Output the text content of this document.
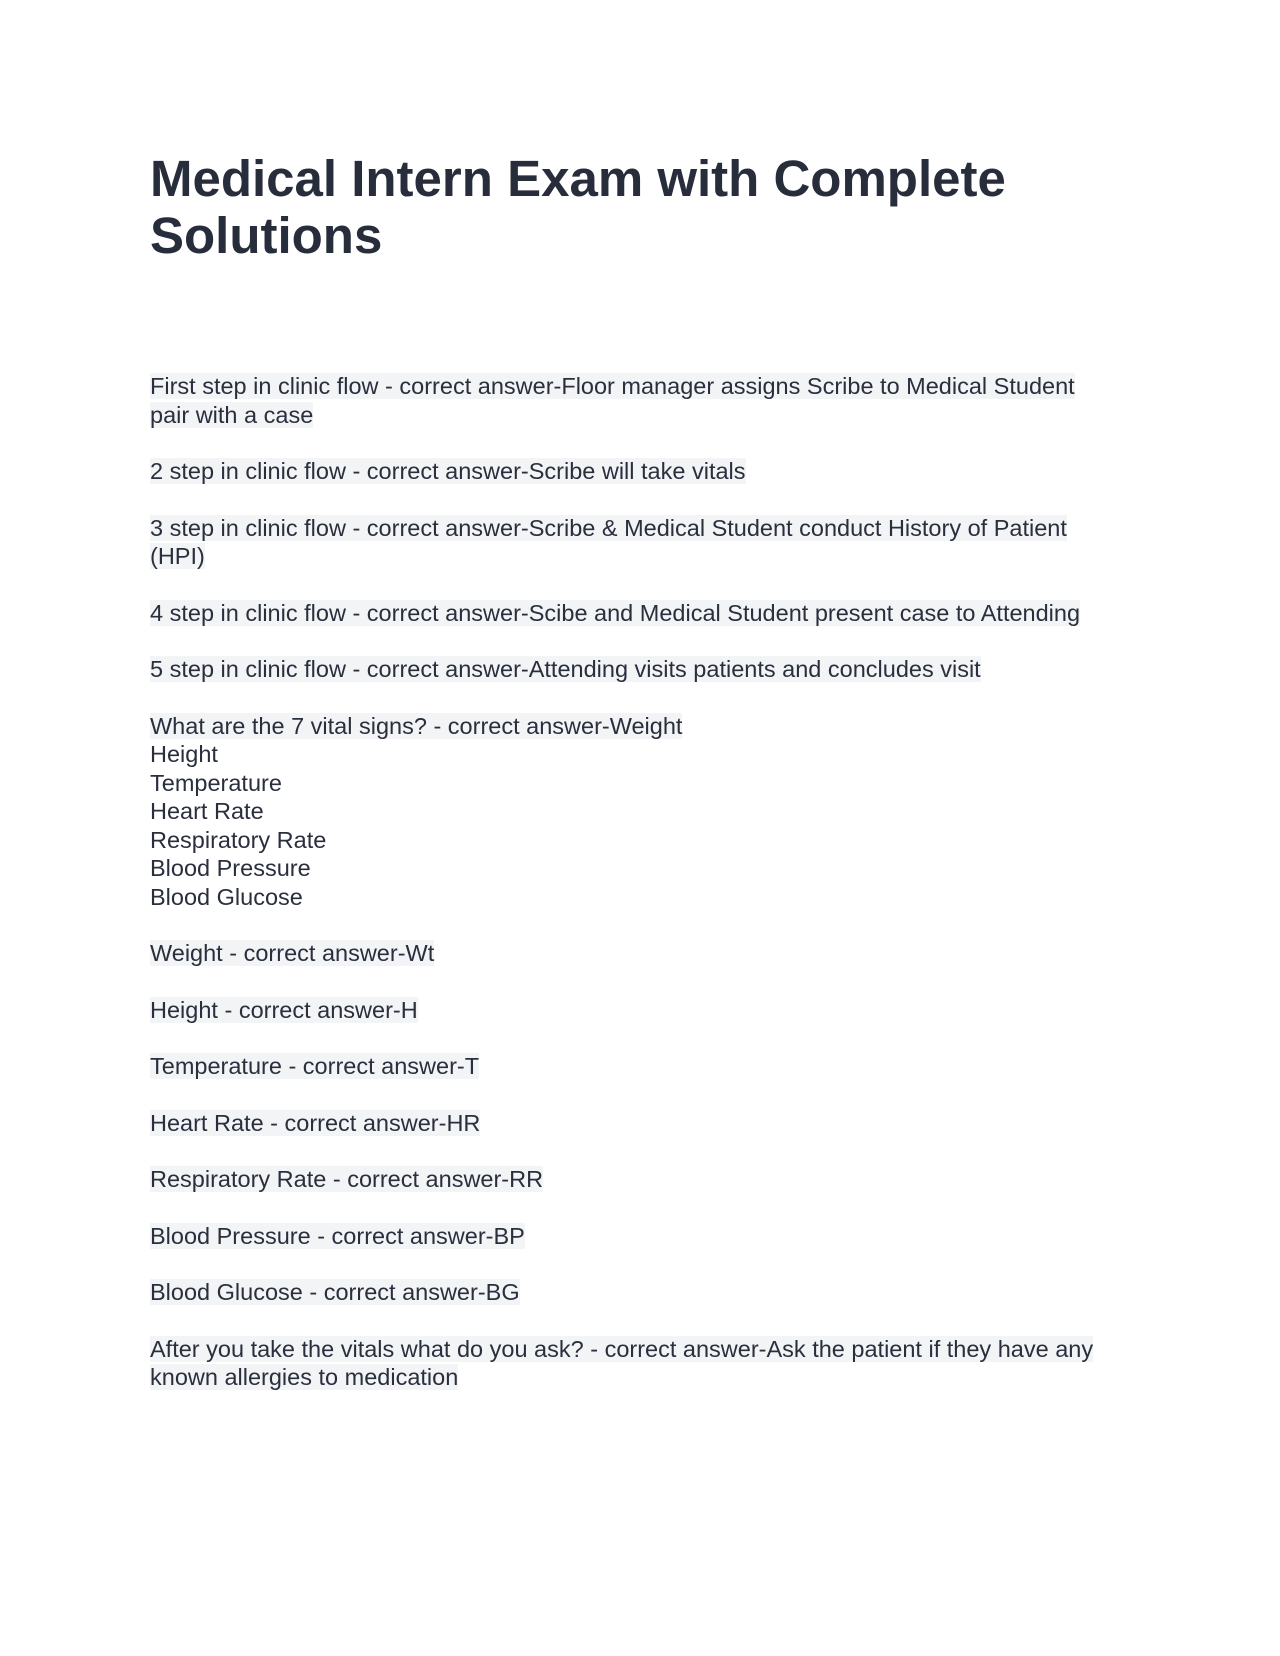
Medical Intern Exam with Complete Solutions

First step in clinic flow - correct answer-Floor manager assigns Scribe to Medical Student pair with a case

2 step in clinic flow - correct answer-Scribe will take vitals

3 step in clinic flow - correct answer-Scribe & Medical Student conduct History of Patient (HPI)

4 step in clinic flow - correct answer-Scibe and Medical Student present case to Attending

5 step in clinic flow - correct answer-Attending visits patients and concludes visit

What are the 7 vital signs? - correct answer-Weight
Height
Temperature
Heart Rate
Respiratory Rate
Blood Pressure
Blood Glucose

Weight - correct answer-Wt

Height - correct answer-H

Temperature - correct answer-T

Heart Rate - correct answer-HR

Respiratory Rate - correct answer-RR

Blood Pressure - correct answer-BP

Blood Glucose - correct answer-BG

After you take the vitals what do you ask? - correct answer-Ask the patient if they have any known allergies to medication
